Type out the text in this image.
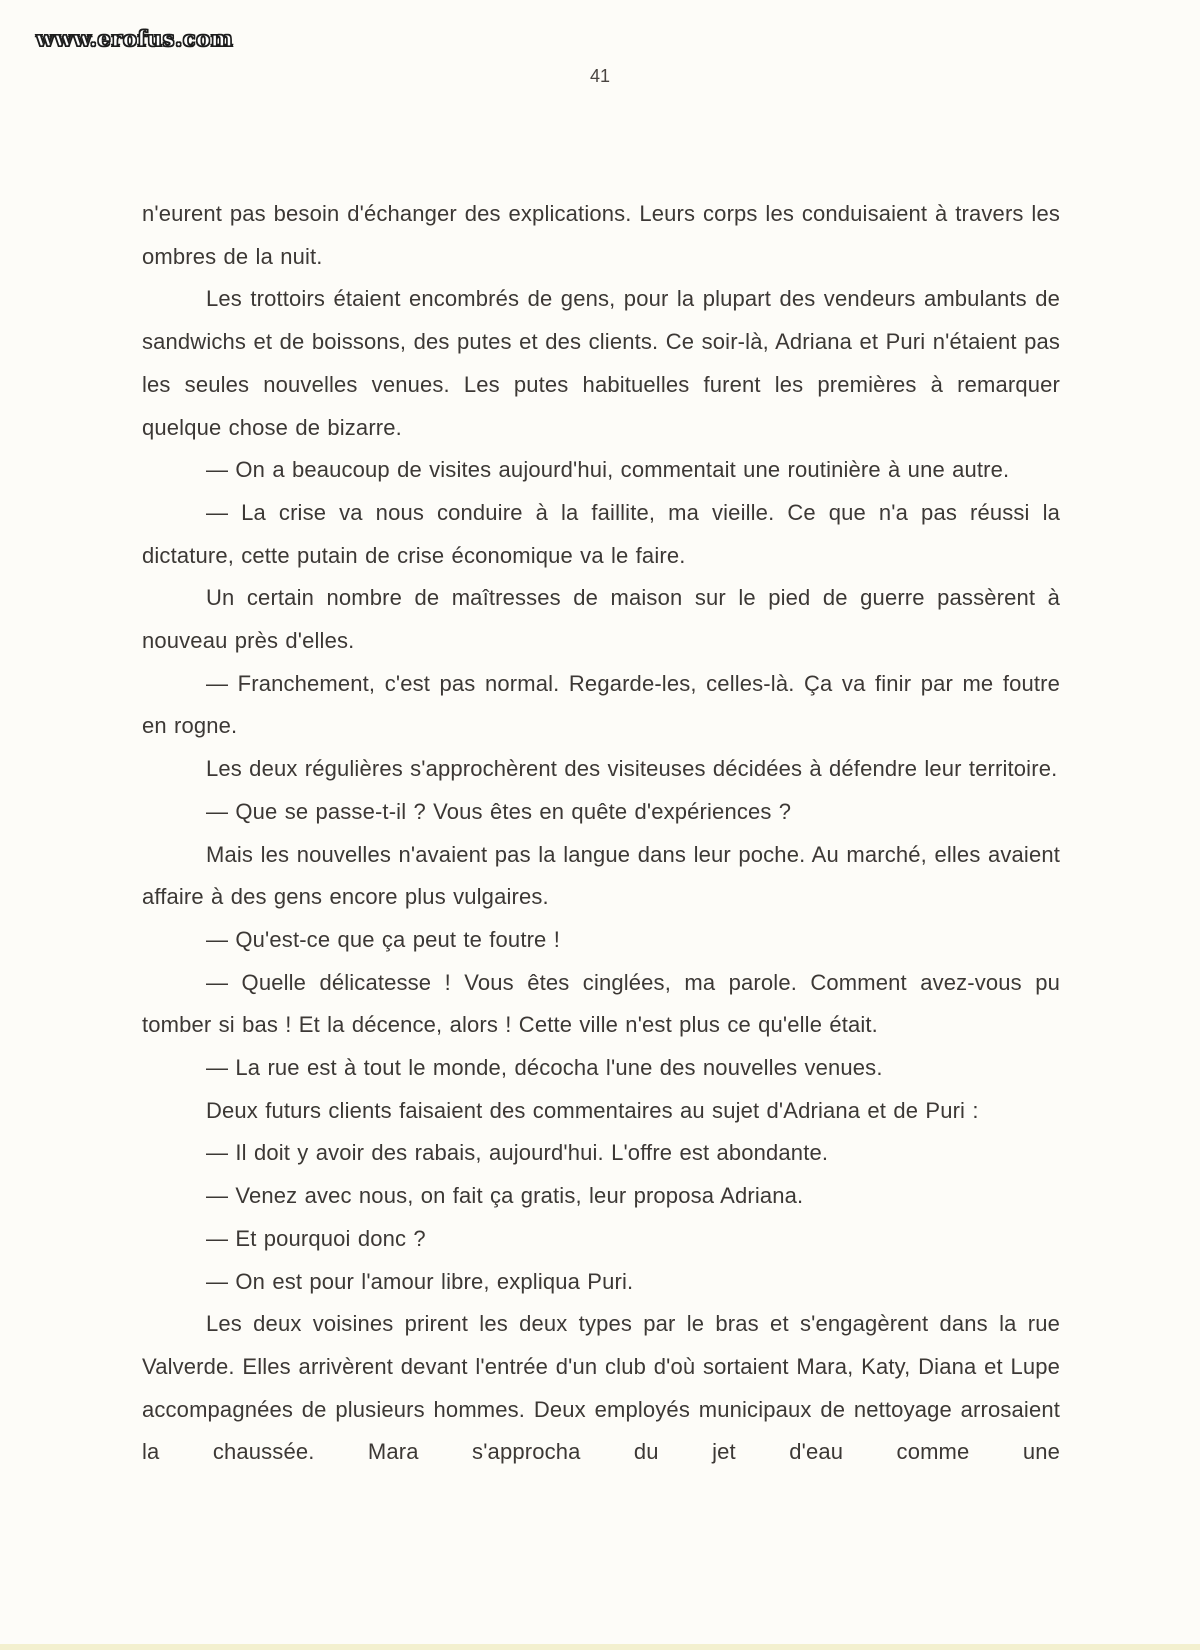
www.erofus.com
41

n'eurent pas besoin d'échanger des explications. Leurs corps les conduisaient à travers les ombres de la nuit.

Les trottoirs étaient encombrés de gens, pour la plupart des vendeurs ambulants de sandwichs et de boissons, des putes et des clients. Ce soir-là, Adriana et Puri n'étaient pas les seules nouvelles venues. Les putes habituelles furent les premières à remarquer quelque chose de bizarre.

— On a beaucoup de visites aujourd'hui, commentait une routinière à une autre.

— La crise va nous conduire à la faillite, ma vieille. Ce que n'a pas réussi la dictature, cette putain de crise économique va le faire.

Un certain nombre de maîtresses de maison sur le pied de guerre passèrent à nouveau près d'elles.

— Franchement, c'est pas normal. Regarde-les, celles-là. Ça va finir par me foutre en rogne.

Les deux régulières s'approchèrent des visiteuses décidées à défendre leur territoire.

— Que se passe-t-il ? Vous êtes en quête d'expériences ?

Mais les nouvelles n'avaient pas la langue dans leur poche. Au marché, elles avaient affaire à des gens encore plus vulgaires.

— Qu'est-ce que ça peut te foutre !

— Quelle délicatesse ! Vous êtes cinglées, ma parole. Comment avez-vous pu tomber si bas ! Et la décence, alors ! Cette ville n'est plus ce qu'elle était.

— La rue est à tout le monde, décocha l'une des nouvelles venues.

Deux futurs clients faisaient des commentaires au sujet d'Adriana et de Puri :

— Il doit y avoir des rabais, aujourd'hui. L'offre est abondante.

— Venez avec nous, on fait ça gratis, leur proposa Adriana.

— Et pourquoi donc ?

— On est pour l'amour libre, expliqua Puri.

Les deux voisines prirent les deux types par le bras et s'engagèrent dans la rue Valverde. Elles arrivèrent devant l'entrée d'un club d'où sortaient Mara, Katy, Diana et Lupe accompagnées de plusieurs hommes. Deux employés municipaux de nettoyage arrosaient la chaussée. Mara s'approcha du jet d'eau comme une
